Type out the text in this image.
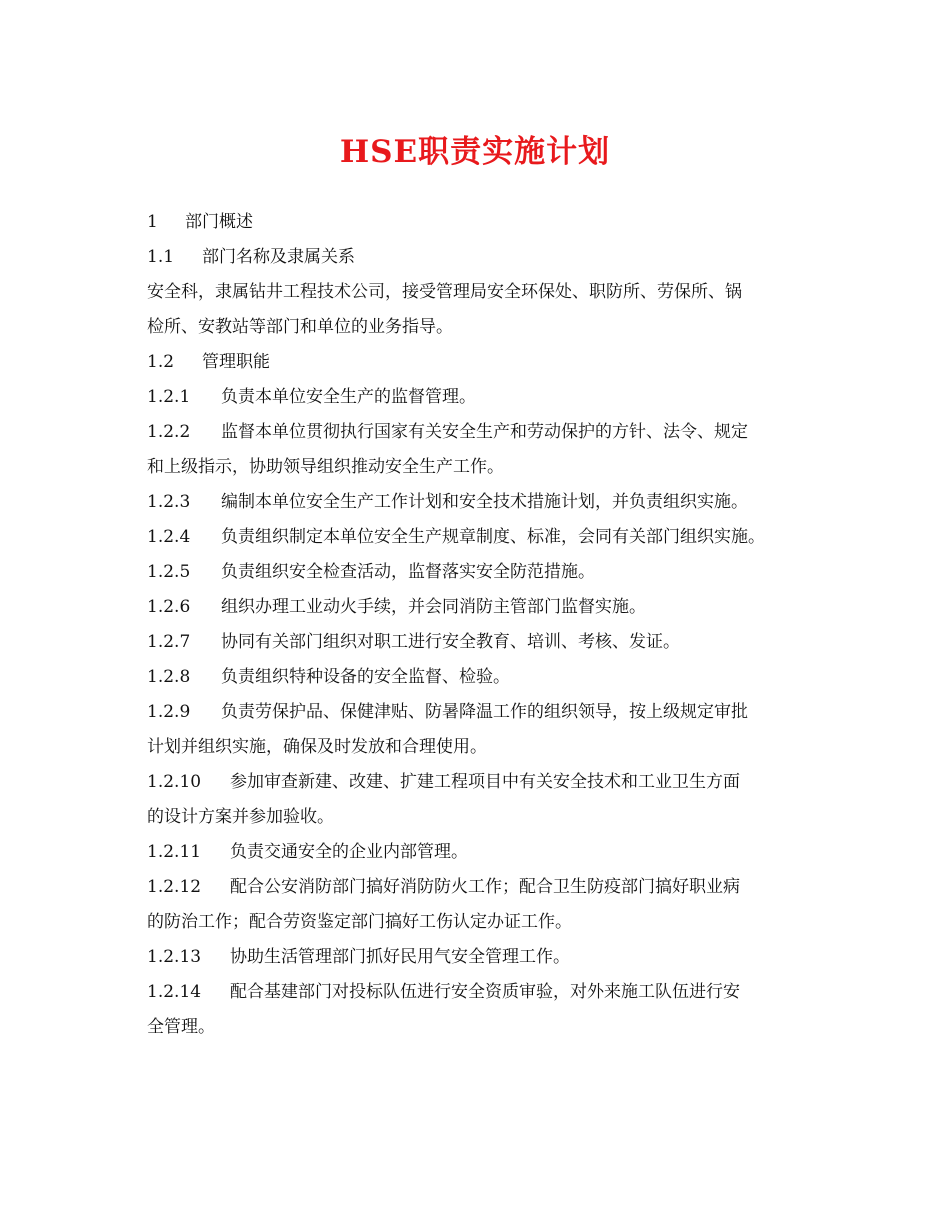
HSE职责实施计划
1 部门概述
1.1 部门名称及隶属关系
安全科，隶属钻井工程技术公司，接受管理局安全环保处、职防所、劳保所、锅
检所、安教站等部门和单位的业务指导。
1.2 管理职能
1.2.1 负责本单位安全生产的监督管理。
1.2.2 监督本单位贯彻执行国家有关安全生产和劳动保护的方针、法令、规定
和上级指示，协助领导组织推动安全生产工作。
1.2.3 编制本单位安全生产工作计划和安全技术措施计划，并负责组织实施。
1.2.4 负责组织制定本单位安全生产规章制度、标准，会同有关部门组织实施。
1.2.5 负责组织安全检查活动，监督落实安全防范措施。
1.2.6 组织办理工业动火手续，并会同消防主管部门监督实施。
1.2.7 协同有关部门组织对职工进行安全教育、培训、考核、发证。
1.2.8 负责组织特种设备的安全监督、检验。
1.2.9 负责劳保护品、保健津贴、防暑降温工作的组织领导，按上级规定审批
计划并组织实施，确保及时发放和合理使用。
1.2.10 参加审查新建、改建、扩建工程项目中有关安全技术和工业卫生方面
的设计方案并参加验收。
1.2.11 负责交通安全的企业内部管理。
1.2.12 配合公安消防部门搞好消防防火工作；配合卫生防疫部门搞好职业病
的防治工作；配合劳资鉴定部门搞好工伤认定办证工作。
1.2.13 协助生活管理部门抓好民用气安全管理工作。
1.2.14 配合基建部门对投标队伍进行安全资质审验，对外来施工队伍进行安
全管理。
